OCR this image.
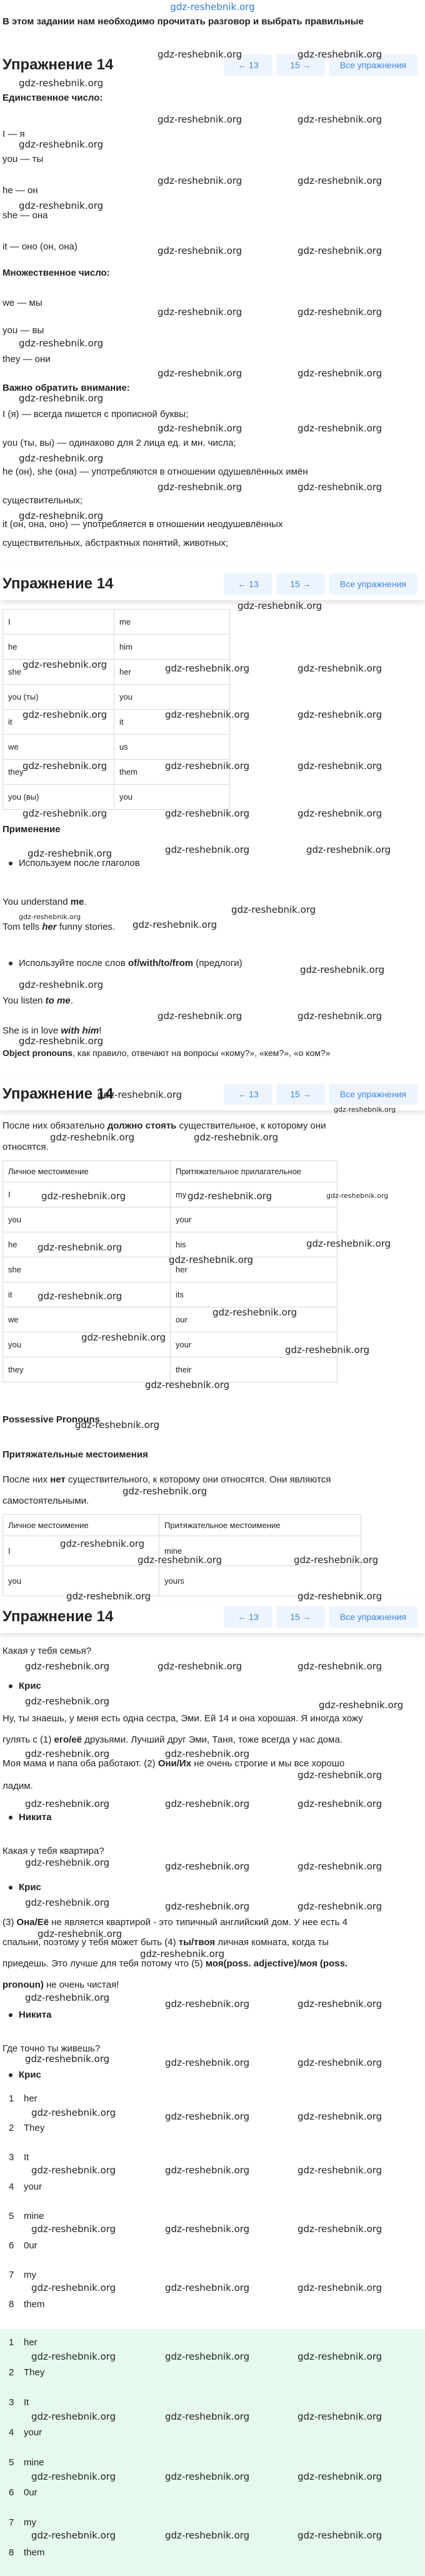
gdz-reshebnik.org
В этом задании нам необходимо прочитать разговор и выбрать правильные
Упражнение 14	← 13	15 →	Все упражнения
Единственное число:
I — я
you — ты
he — он
she — она
it — оно (он, она)
Множественное число:
we — мы
you — вы
they — они
Важно обратить внимание:
I (я) — всегда пишется с прописной буквы;
you (ты, вы) — одинаково для 2 лица ед. и мн. числа;
he (он), she (она) — употребляются в отношении одушевлённых имён
существительных;
it (он, она, оно) — употребляется в отношении неодушевлённых
существительных, абстрактных понятий, животных;
Упражнение 14	← 13	15 →	Все упражнения
I	me
he	him
she	her
you (ты)	you
it	it
we	us
they	them
you (вы)	you
Применение
Используем после глаголов
You understand me.
Tom tells her funny stories.
Используйте после слов of/with/to/from (предлоги)
You listen to me.
She is in love with him!
Object pronouns, как правило, отвечают на вопросы «кому?», «кем?», «о ком?»
Упражнение 14	← 13	15 →	Все упражнения
После них обязательно должно стоять существительное, к которому они
относятся.
Личное местоимение	Притяжательное прилагательное
I	my
you	your
he	his
she	her
it	its
we	our
you	your
they	their
Possessive Pronouns
Притяжательные местоимения
После них нет существительного, к которому они относятся. Они являются
самостоятельными.
Личное местоимение	Притяжательное местоимение
I	mine
you	yours
Упражнение 14	← 13	15 →	Все упражнения
Какая у тебя семья?
Крис
Ну, ты знаешь, у меня есть одна сестра, Эми. Ей 14 и она хорошая. Я иногда хожу
гулять с (1) его/её друзьями. Лучший друг Эми, Таня, тоже всегда у нас дома.
Моя мама и папа оба работают. (2) Они/Их не очень строгие и мы все хорошо
ладим.
Никита
Какая у тебя квартира?
Крис
(3) Она/Её не является квартирой - это типичный английский дом. У нее есть 4
спальни, поэтому у тебя может быть (4) ты/твоя личная комната, когда ты
приедешь. Это лучше для тебя потому что (5) моя(poss. adjective)/моя (poss.
pronoun) не очень чистая!
Никита
Где точно ты живешь?
Крис
1 her
2 They
3 It
4 your
5 mine
6 0ur
7 my
8 them
1 her
2 They
3 It
4 your
5 mine
6 0ur
7 my
8 them
gdz-reshebnik.org	gdz-reshebnik.org
gdz-reshebnik.org
gdz-reshebnik.org	gdz-reshebnik.org
gdz-reshebnik.org
gdz-reshebnik.org
gdz-reshebnik.org	gdz-reshebnik.org
gdz-reshebnik.org	gdz-reshebnik.org
gdz-reshebnik.org	gdz-reshebnik.org
gdz-reshebnik.org
gdz-reshebnik.org	gdz-reshebnik.org
gdz-reshebnik.org
gdz-reshebnik.org	gdz-reshebnik.org
gdz-reshebnik.org
gdz-reshebnik.org	gdz-reshebnik.org
gdz-reshebnik.org
gdz-reshebnik.org
gdz-reshebnik.org	gdz-reshebnik.org	gdz-reshebnik.org
gdz-reshebnik.org	gdz-reshebnik.org	gdz-reshebnik.org
gdz-reshebnik.org	gdz-reshebnik.org	gdz-reshebnik.org
gdz-reshebnik.org	gdz-reshebnik.org	gdz-reshebnik.org
gdz-reshebnik.org	gdz-reshebnik.org	gdz-reshebnik.org
gdz-reshebnik.org
gdz-reshebnik.org
gdz-reshebnik.org
gdz-reshebnik.org
gdz-reshebnik.org
gdz-reshebnik.org	gdz-reshebnik.org
gdz-reshebnik.org
gdz-reshebnik.org
gdz-reshebnik.org
gdz-reshebnik.org	gdz-reshebnik.org
gdz-reshebnik.org	gdz-reshebnik.org	gdz-reshebnik.org
gdz-reshebnik.org
gdz-reshebnik.org
gdz-reshebnik.org
gdz-reshebnik.org
gdz-reshebnik.org
gdz-reshebnik.org
gdz-reshebnik.org
gdz-reshebnik.org
gdz-reshebnik.org
gdz-reshebnik.org
gdz-reshebnik.org
gdz-reshebnik.org	gdz-reshebnik.org
gdz-reshebnik.org	gdz-reshebnik.org
gdz-reshebnik.org	gdz-reshebnik.org	gdz-reshebnik.org
gdz-reshebnik.org	gdz-reshebnik.org
gdz-reshebnik.org	gdz-reshebnik.org
gdz-reshebnik.org
gdz-reshebnik.org	gdz-reshebnik.org	gdz-reshebnik.org
gdz-reshebnik.org	gdz-reshebnik.org	gdz-reshebnik.org
gdz-reshebnik.org	gdz-reshebnik.org	gdz-reshebnik.org
gdz-reshebnik.org
gdz-reshebnik.org
gdz-reshebnik.org
gdz-reshebnik.org	gdz-reshebnik.org
gdz-reshebnik.org	gdz-reshebnik.org	gdz-reshebnik.org
gdz-reshebnik.org	gdz-reshebnik.org	gdz-reshebnik.org
gdz-reshebnik.org	gdz-reshebnik.org	gdz-reshebnik.org
gdz-reshebnik.org	gdz-reshebnik.org	gdz-reshebnik.org
gdz-reshebnik.org	gdz-reshebnik.org	gdz-reshebnik.org
gdz-reshebnik.org	gdz-reshebnik.org	gdz-reshebnik.org
gdz-reshebnik.org	gdz-reshebnik.org	gdz-reshebnik.org
gdz-reshebnik.org	gdz-reshebnik.org	gdz-reshebnik.org
gdz-reshebnik.org	gdz-reshebnik.org	gdz-reshebnik.org
